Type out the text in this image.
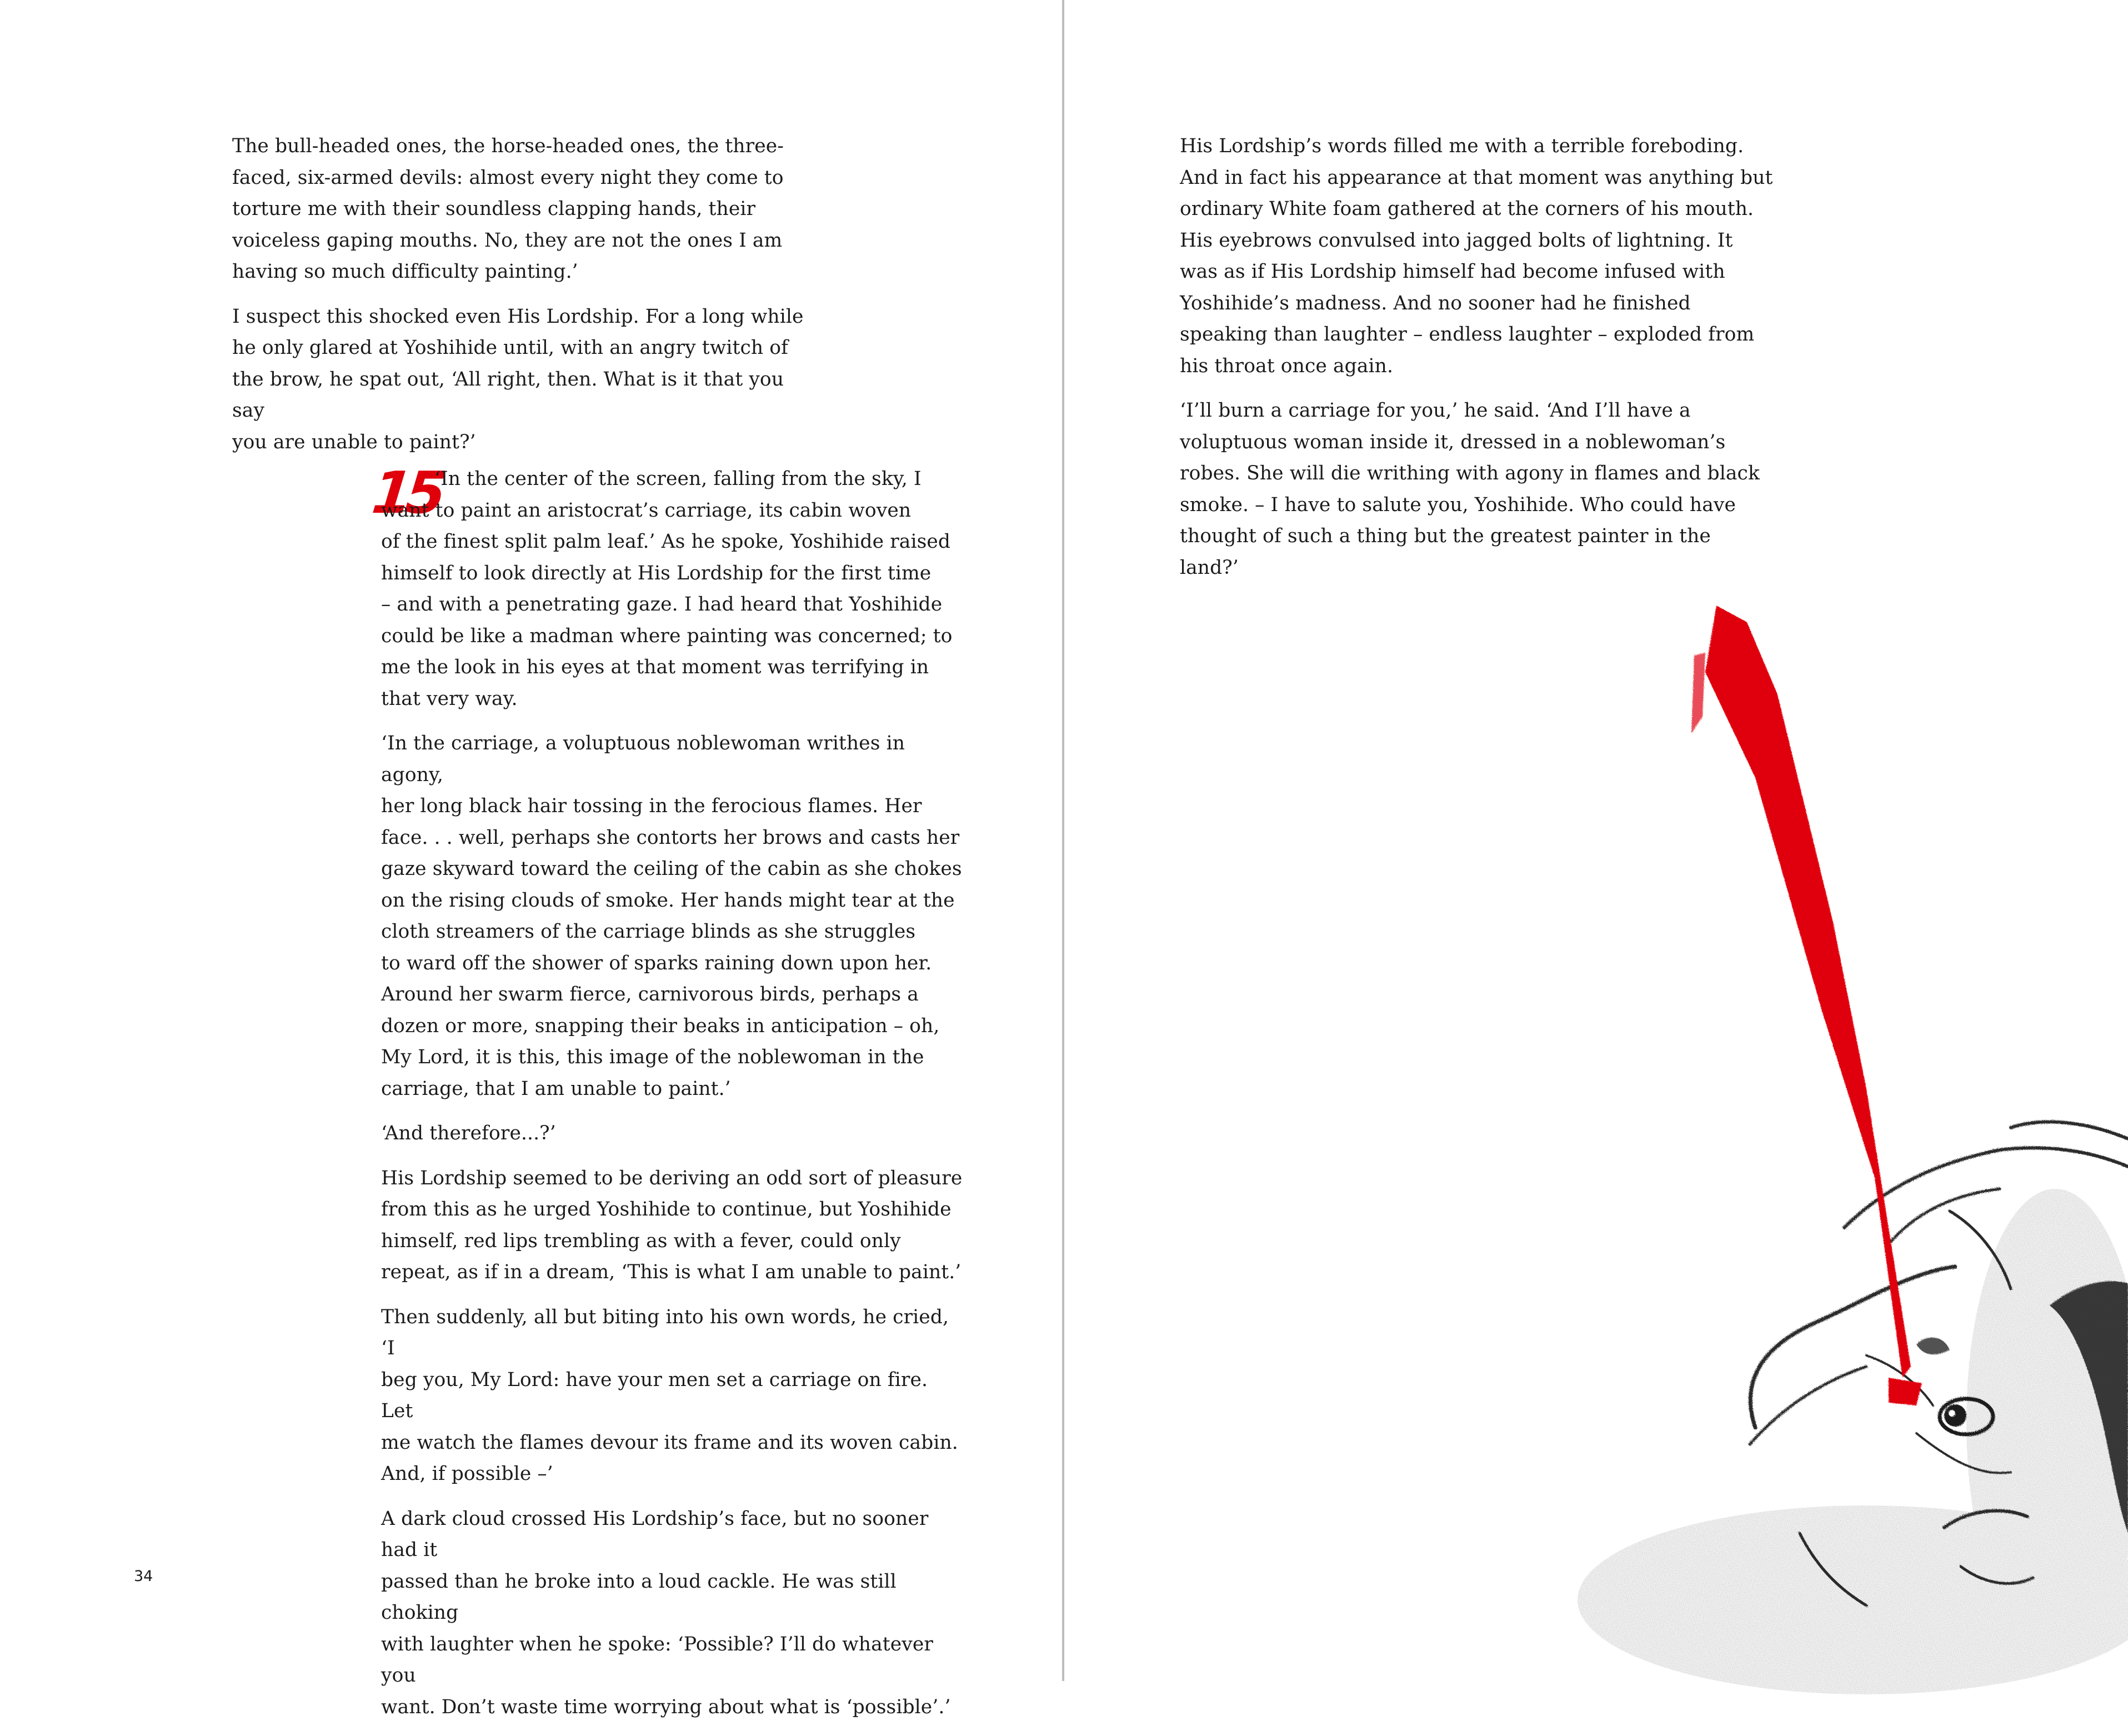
The bull-headed ones, the horse-headed ones, the three-
faced, six-armed devils: almost every night they come to
torture me with their soundless clapping hands, their
voiceless gaping mouths. No, they are not the ones I am
having so much difficulty painting.’

I suspect this shocked even His Lordship. For a long while
he only glared at Yoshihide until, with an angry twitch of
the brow, he spat out, ‘All right, then. What is it that you say
you are unable to paint?’

15

‘In the center of the screen, falling from the sky, I
want to paint an aristocrat’s carriage, its cabin woven
of the finest split palm leaf.’ As he spoke, Yoshihide raised
himself to look directly at His Lordship for the first time
– and with a penetrating gaze. I had heard that Yoshihide
could be like a madman where painting was concerned; to
me the look in his eyes at that moment was terrifying in
that very way.

‘In the carriage, a voluptuous noblewoman writhes in agony,
her long black hair tossing in the ferocious flames. Her
face. . . well, perhaps she contorts her brows and casts her
gaze skyward toward the ceiling of the cabin as she chokes
on the rising clouds of smoke. Her hands might tear at the
cloth streamers of the carriage blinds as she struggles
to ward off the shower of sparks raining down upon her.
Around her swarm fierce, carnivorous birds, perhaps a
dozen or more, snapping their beaks in anticipation – oh,
My Lord, it is this, this image of the noblewoman in the
carriage, that I am unable to paint.’

‘And therefore...?’

His Lordship seemed to be deriving an odd sort of pleasure
from this as he urged Yoshihide to continue, but Yoshihide
himself, red lips trembling as with a fever, could only
repeat, as if in a dream, ‘This is what I am unable to paint.’

Then suddenly, all but biting into his own words, he cried, ‘I
beg you, My Lord: have your men set a carriage on fire. Let
me watch the flames devour its frame and its woven cabin.
And, if possible –’

A dark cloud crossed His Lordship’s face, but no sooner had it
passed than he broke into a loud cackle. He was still choking
with laughter when he spoke: ‘Possible? I’ll do whatever you
want. Don’t waste time worrying about what is ‘possible’.’

34

His Lordship’s words filled me with a terrible foreboding.
And in fact his appearance at that moment was anything but
ordinary White foam gathered at the corners of his mouth.
His eyebrows convulsed into jagged bolts of lightning. It
was as if His Lordship himself had become infused with
Yoshihide’s madness. And no sooner had he finished
speaking than laughter – endless laughter – exploded from
his throat once again.

‘I’ll burn a carriage for you,’ he said. ‘And I’ll have a
voluptuous woman inside it, dressed in a noblewoman’s
robes. She will die writhing with agony in flames and black
smoke. – I have to salute you, Yoshihide. Who could have
thought of such a thing but the greatest painter in the land?’
